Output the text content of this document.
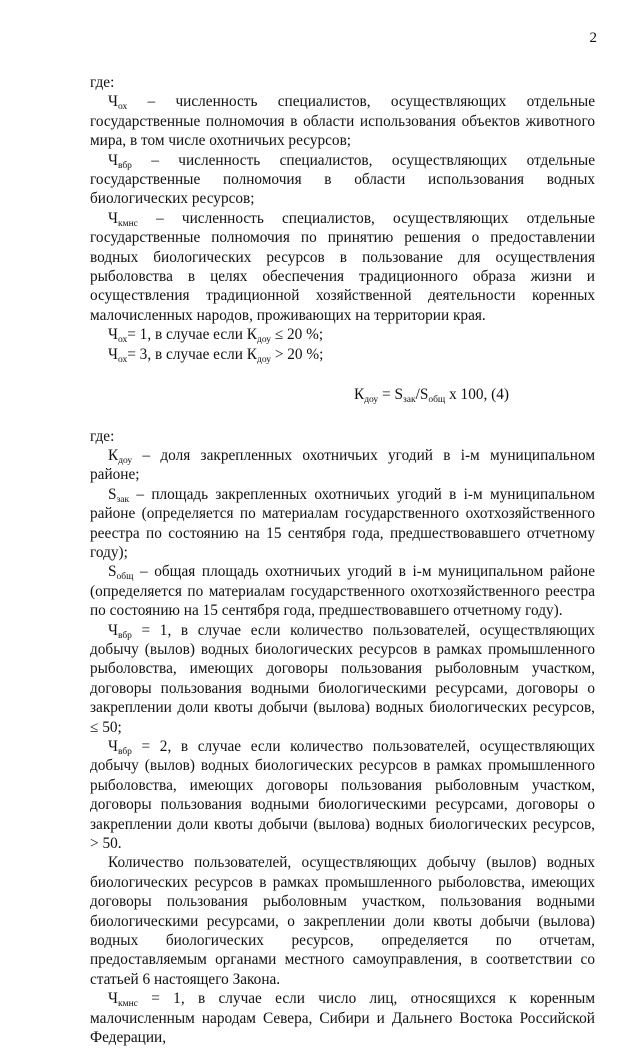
2

где:

$Ч_{ох}$ – численность специалистов, осуществляющих отдельные государственные полномочия в области использования объектов животного мира, в том числе охотничьих ресурсов;

$Ч_{вбр}$ – численность специалистов, осуществляющих отдельные государственные полномочия в области использования водных биологических ресурсов;

$Ч_{кмнс}$ – численность специалистов, осуществляющих отдельные государственные полномочия по принятию решения о предоставлении водных биологических ресурсов в пользование для осуществления рыболовства в целях обеспечения традиционного образа жизни и осуществления традиционной хозяйственной деятельности коренных малочисленных народов, проживающих на территории края.

$Ч_{ох}= 1$, в случае если $К_{доу} \le 20$ %;

$Ч_{ох}= 3$, в случае если $К_{доу} > 20$ %;

$К_{доу} = S_{зак}/S_{общ}$ x 100, (4)

где:

$К_{доу}$ – доля закрепленных охотничьих угодий в i-м муниципальном районе;

$S_{зак}$ – площадь закрепленных охотничьих угодий в i-м муниципальном районе (определяется по материалам государственного охотхозяйственного реестра по состоянию на 15 сентября года, предшествовавшего отчетному году);

$S_{общ}$ – общая площадь охотничьих угодий в i-м муниципальном районе (определяется по материалам государственного охотхозяйственного реестра по состоянию на 15 сентября года, предшествовавшего отчетному году).

$Ч_{вбр} = 1$, в случае если количество пользователей, осуществляющих добычу (вылов) водных биологических ресурсов в рамках промышленного рыболовства, имеющих договоры пользования рыболовным участком, договоры пользования водными биологическими ресурсами, договоры о закреплении доли квоты добычи (вылова) водных биологических ресурсов, ≤ 50;

$Ч_{вбр} = 2$, в случае если количество пользователей, осуществляющих добычу (вылов) водных биологических ресурсов в рамках промышленного рыболовства, имеющих договоры пользования рыболовным участком, договоры пользования водными биологическими ресурсами, договоры о закреплении доли квоты добычи (вылова) водных биологических ресурсов, > 50.

Количество пользователей, осуществляющих добычу (вылов) водных биологических ресурсов в рамках промышленного рыболовства, имеющих договоры пользования рыболовным участком, пользования водными биологическими ресурсами, о закреплении доли квоты добычи (вылова) водных биологических ресурсов, определяется по отчетам, предоставляемым органами местного самоуправления, в соответствии со статьей 6 настоящего Закона.

$Ч_{кмнс} = 1$, в случае если число лиц, относящихся к коренным малочисленным народам Севера, Сибири и Дальнего Востока Российской Федерации,
